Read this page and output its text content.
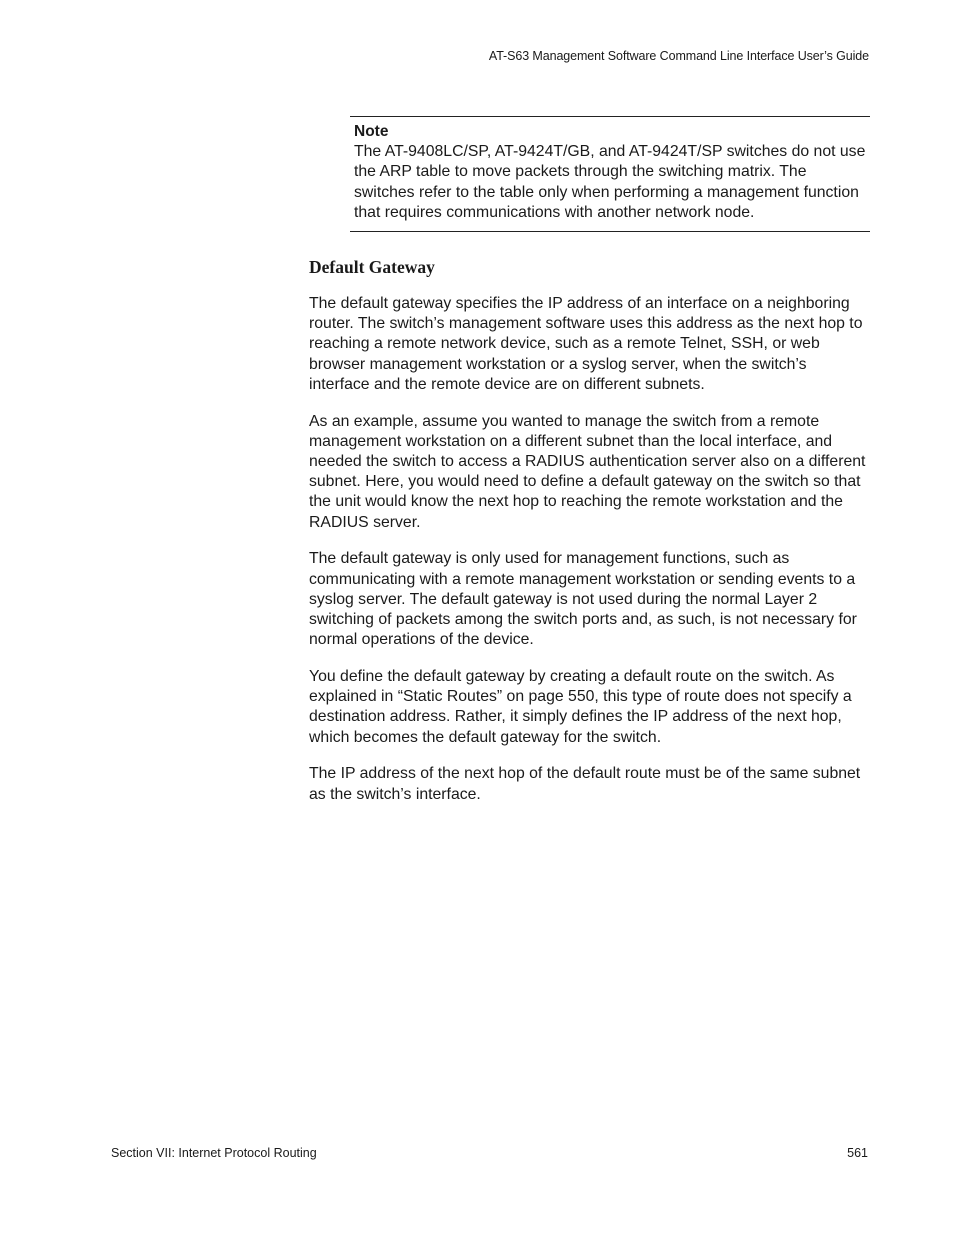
AT-S63 Management Software Command Line Interface User’s Guide
Note
The AT-9408LC/SP, AT-9424T/GB, and AT-9424T/SP switches do not use the ARP table to move packets through the switching matrix. The switches refer to the table only when performing a management function that requires communications with another network node.
Default Gateway

The default gateway specifies the IP address of an interface on a neighboring router. The switch’s management software uses this address as the next hop to reaching a remote network device, such as a remote Telnet, SSH, or web browser management workstation or a syslog server, when the switch’s interface and the remote device are on different subnets.

As an example, assume you wanted to manage the switch from a remote management workstation on a different subnet than the local interface, and needed the switch to access a RADIUS authentication server also on a different subnet. Here, you would need to define a default gateway on the switch so that the unit would know the next hop to reaching the remote workstation and the RADIUS server.

The default gateway is only used for management functions, such as communicating with a remote management workstation or sending events to a syslog server. The default gateway is not used during the normal Layer 2 switching of packets among the switch ports and, as such, is not necessary for normal operations of the device.

You define the default gateway by creating a default route on the switch. As explained in “Static Routes” on page 550, this type of route does not specify a destination address. Rather, it simply defines the IP address of the next hop, which becomes the default gateway for the switch.

The IP address of the next hop of the default route must be of the same subnet as the switch’s interface.

Section VII: Internet Protocol Routing	561
